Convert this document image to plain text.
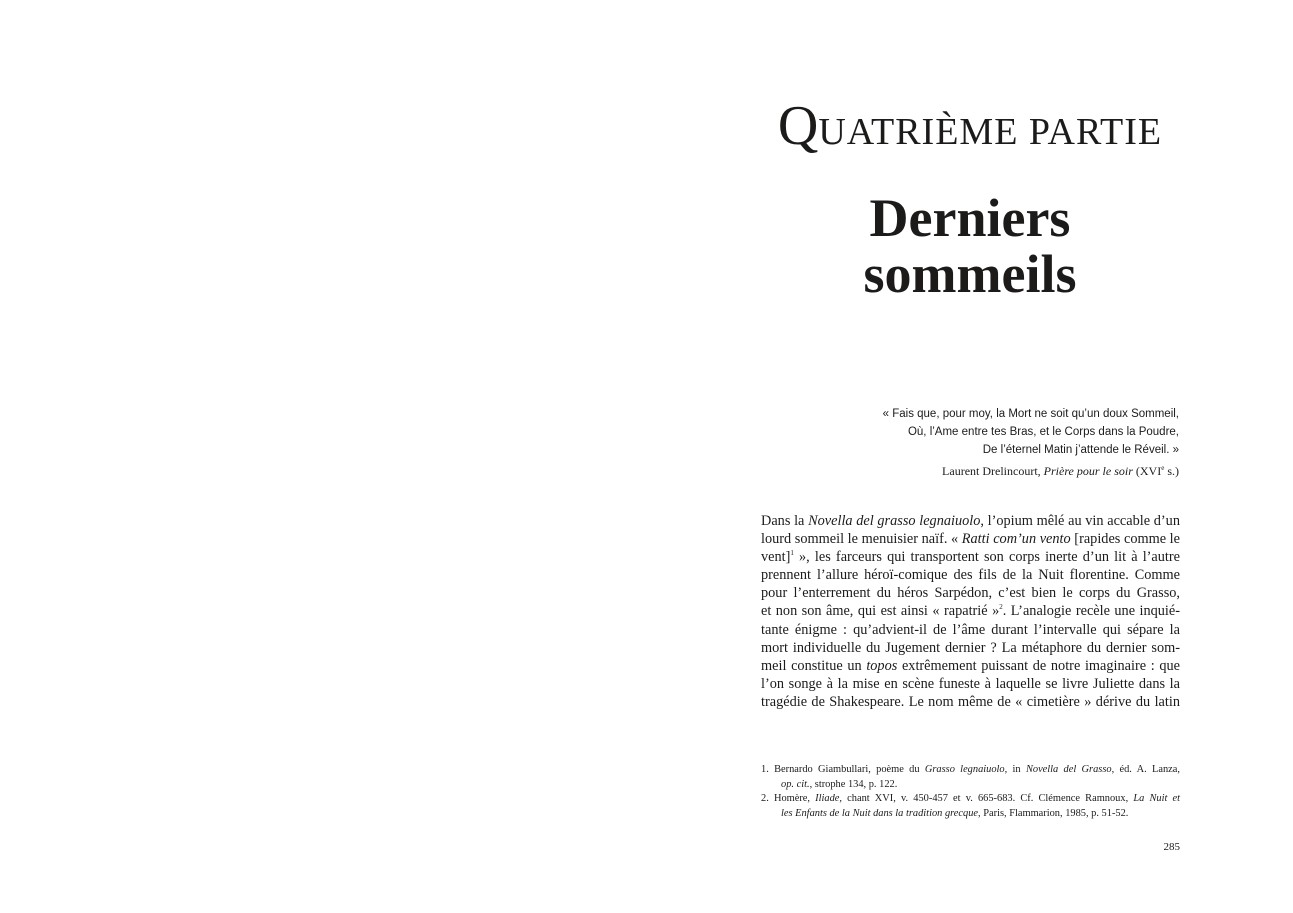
QUATRIÈME PARTIE
Derniers
sommeils
« Fais que, pour moy, la Mort ne soit qu’un doux Sommeil,
Où, l’Ame entre tes Bras, et le Corps dans la Poudre,
De l’éternel Matin j’attende le Réveil. »
Laurent Drelincourt, Prière pour le soir (XVIe s.)
Dans la Novella del grasso legnaiuolo, l’opium mêlé au vin accable d’un
lourd sommeil le menuisier naïf. « Ratti com’un vento [rapides comme le
vent]$^1$ », les farceurs qui transportent son corps inerte d’un lit à l’autre
prennent l’allure héroï-comique des fils de la Nuit florentine. Comme
pour l’enterrement du héros Sarpédon, c’est bien le corps du Grasso,
et non son âme, qui est ainsi « rapatrié »$^2$. L’analogie recèle une inquié-
tante énigme : qu’advient-il de l’âme durant l’intervalle qui sépare la
mort individuelle du Jugement dernier ? La métaphore du dernier som-
meil constitue un topos extrêmement puissant de notre imaginaire : que
l’on songe à la mise en scène funeste à laquelle se livre Juliette dans la
tragédie de Shakespeare. Le nom même de « cimetière » dérive du latin
1. Bernardo Giambullari, poème du Grasso legnaiuolo, in Novella del Grasso, éd. A. Lanza,
op. cit., strophe 134, p. 122.
2. Homère, Iliade, chant XVI, v. 450-457 et v. 665-683. Cf. Clémence Ramnoux, La Nuit et
les Enfants de la Nuit dans la tradition grecque, Paris, Flammarion, 1985, p. 51-52.
285
